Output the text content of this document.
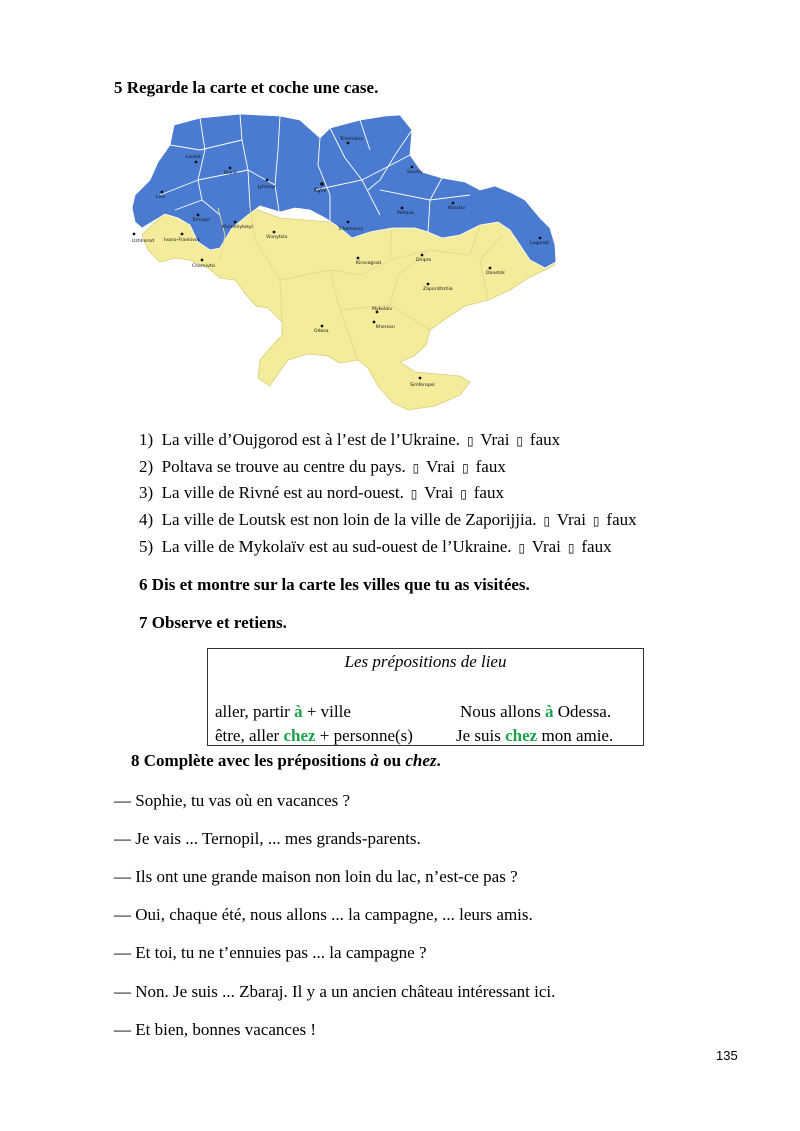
5 Regarde la carte et coche une case.
Loutsk
Rivné
Lviv
Ternopil
Jytomyr	Kyiv
Tchernihiv
Soumy
Kharkiv
Poltava
Tcherkassy
Khmelnytskyi
Ivano-Frankivsk
Uzhhorod
Chernivtsi
Vinnytsia
Kirovograd
Dnipro
Zaporizhzhia
Donetsk
Lugansk
Mykolaiv
Odesa
Kherson
Simferopol
1) La ville d’Oujgorod est à l’est de l’Ukraine. ▯ Vrai ▯ faux
2) Poltava se trouve au centre du pays. ▯ Vrai ▯ faux
3) La ville de Rivné est au nord-ouest. ▯ Vrai ▯ faux
4) La ville de Loutsk est non loin de la ville de Zaporijjia. ▯ Vrai ▯ faux
5) La ville de Mykolaïv est au sud-ouest de l’Ukraine. ▯ Vrai ▯ faux
6 Dis et montre sur la carte les villes que tu as visitées.
7 Observe et retiens.
Les prépositions de lieu
aller, partir à + ville	Nous allons à Odessa.
être, aller chez + personne(s)	Je suis chez mon amie.
8 Complète avec les prépositions à ou chez.
— Sophie, tu vas où en vacances ?
— Je vais ... Ternopil, ... mes grands-parents.
— Ils ont une grande maison non loin du lac, n’est-ce pas ?
— Oui, chaque été, nous allons ... la campagne, ... leurs amis.
— Et toi, tu ne t’ennuies pas ... la campagne ?
— Non. Je suis ... Zbaraj. Il y a un ancien château intéressant ici.
— Et bien, bonnes vacances !
135
